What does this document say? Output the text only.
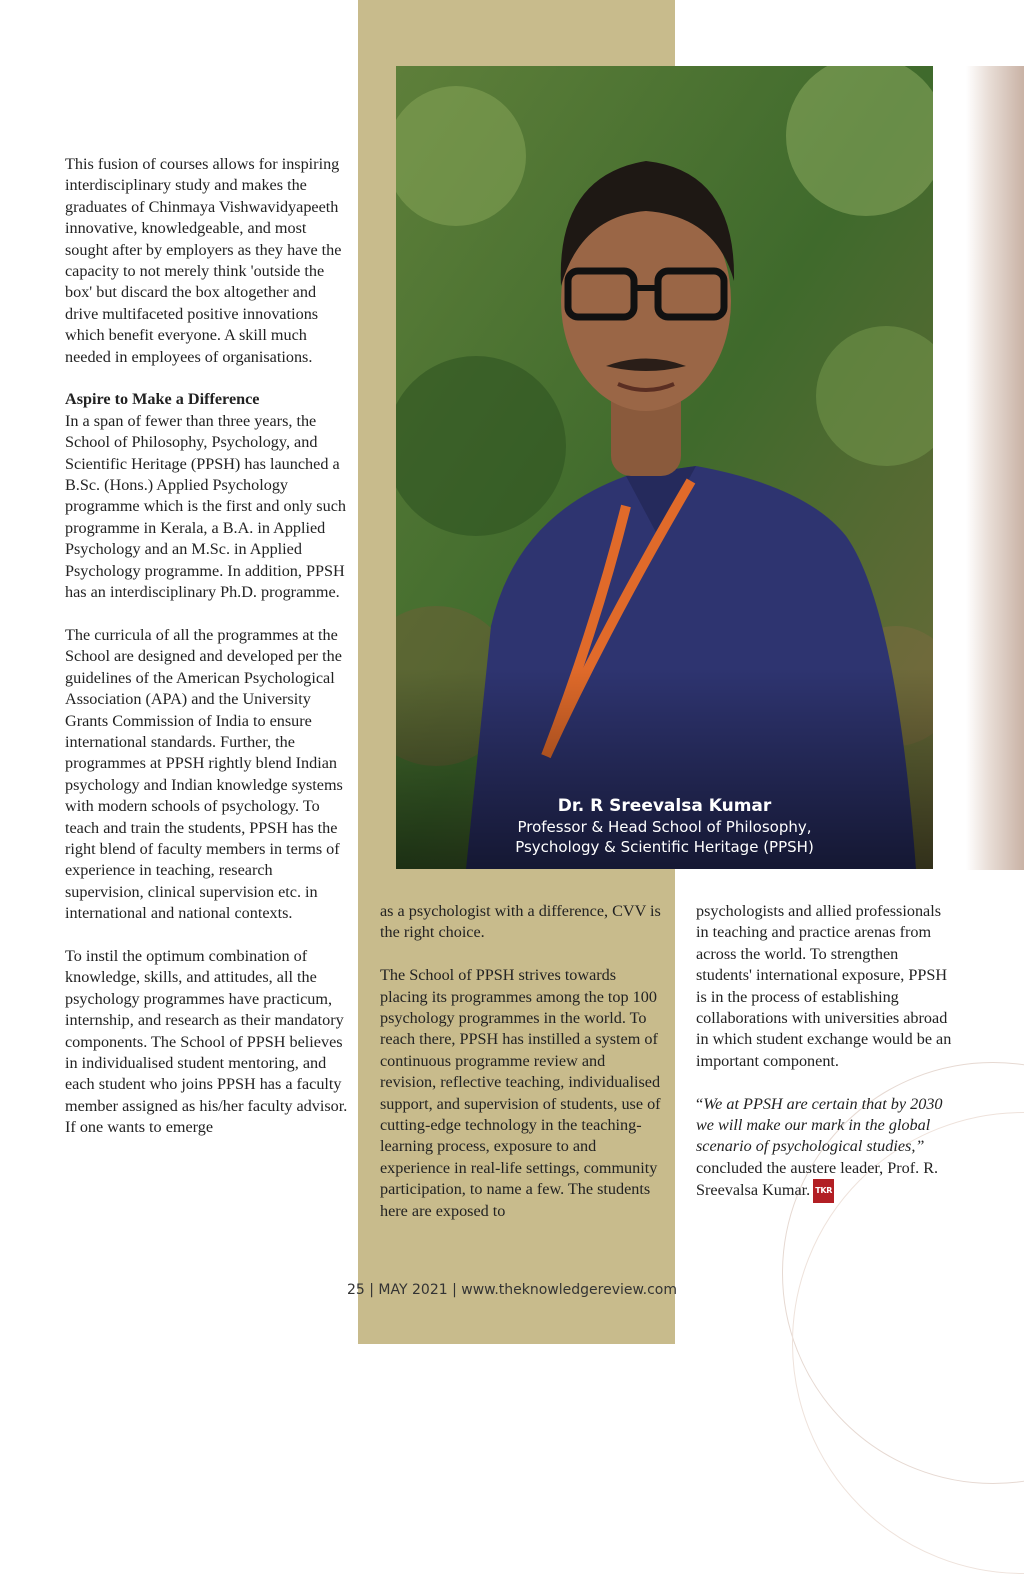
This fusion of courses allows for inspiring interdisciplinary study and makes the graduates of Chinmaya Vishwavidyapeeth innovative, knowledgeable, and most sought after by employers as they have the capacity to not merely think 'outside the box' but discard the box altogether and drive multifaceted positive innovations which benefit everyone. A skill much needed in employees of organisations.

Aspire to Make a Difference
In a span of fewer than three years, the School of Philosophy, Psychology, and Scientific Heritage (PPSH) has launched a B.Sc. (Hons.) Applied Psychology programme which is the first and only such programme in Kerala, a B.A. in Applied Psychology and an M.Sc. in Applied Psychology programme. In addition, PPSH has an interdisciplinary Ph.D. programme.

The curricula of all the programmes at the School are designed and developed per the guidelines of the American Psychological Association (APA) and the University Grants Commission of India to ensure international standards. Further, the programmes at PPSH rightly blend Indian psychology and Indian knowledge systems with modern schools of psychology. To teach and train the students, PPSH has the right blend of faculty members in terms of experience in teaching, research supervision, clinical supervision etc. in international and national contexts.

To instil the optimum combination of knowledge, skills, and attitudes, all the psychology programmes have practicum, internship, and research as their mandatory components. The School of PPSH believes in individualised student mentoring, and each student who joins PPSH has a faculty member assigned as his/her faculty advisor. If one wants to emerge

Dr. R Sreevalsa Kumar
Professor & Head School of Philosophy,
Psychology & Scientific Heritage (PPSH)

as a psychologist with a difference, CVV is the right choice.

The School of PPSH strives towards placing its programmes among the top 100 psychology programmes in the world. To reach there, PPSH has instilled a system of continuous programme review and revision, reflective teaching, individualised support, and supervision of students, use of cutting-edge technology in the teaching-learning process, exposure to and experience in real-life settings, community participation, to name a few. The students here are exposed to

psychologists and allied professionals in teaching and practice arenas from across the world. To strengthen students' international exposure, PPSH is in the process of establishing collaborations with universities abroad in which student exchange would be an important component.

“We at PPSH are certain that by 2030 we will make our mark in the global scenario of psychological studies,” concluded the austere leader, Prof. R. Sreevalsa Kumar. TKR

25 | MAY 2021 | www.theknowledgereview.com
